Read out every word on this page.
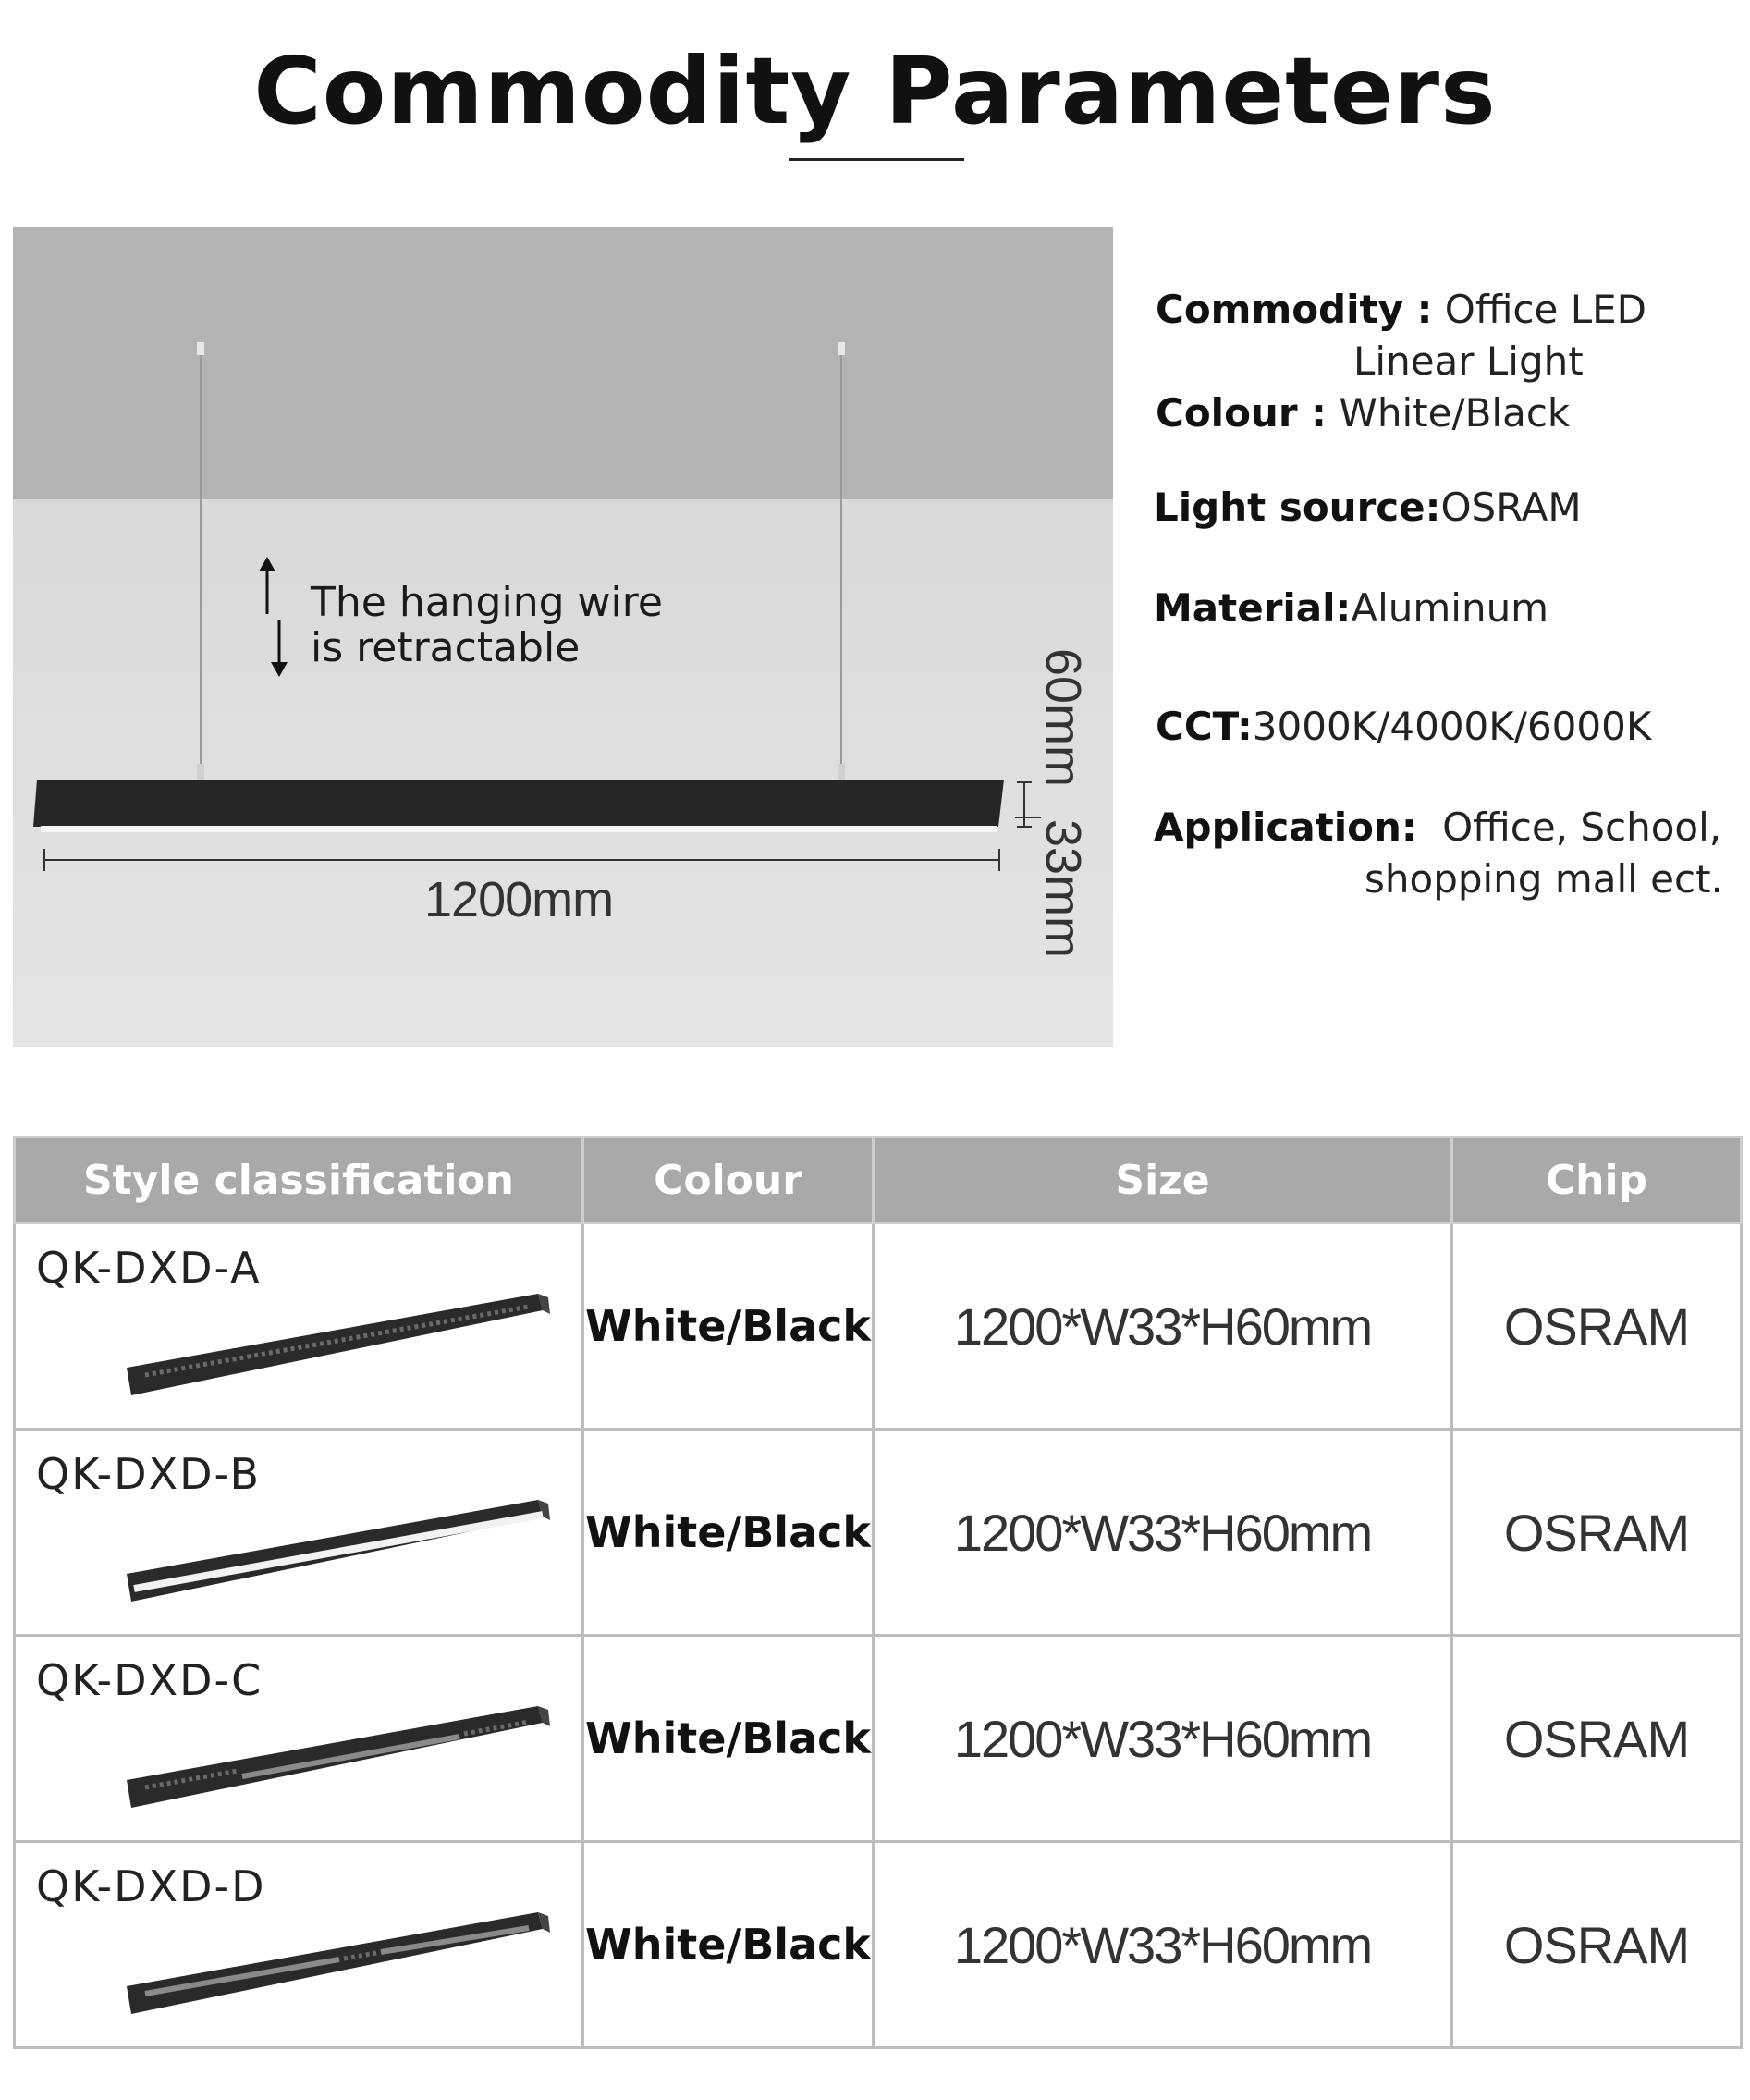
Commodity Parameters
The hanging wire
is retractable
1200mm
60mm
33mm
Commodity : Office LED
Linear Light
Colour : White/Black
Light source:OSRAM
Material:Aluminum
CCT:3000K/4000K/6000K
Application: Office, School,
shopping mall ect.
Style classification	Colour	Size	Chip

QK-DXD-A	White/Black	1200*W33*H60mm	OSRAM

QK-DXD-B	White/Black	1200*W33*H60mm	OSRAM

QK-DXD-C	White/Black	1200*W33*H60mm	OSRAM

QK-DXD-D	White/Black	1200*W33*H60mm	OSRAM
